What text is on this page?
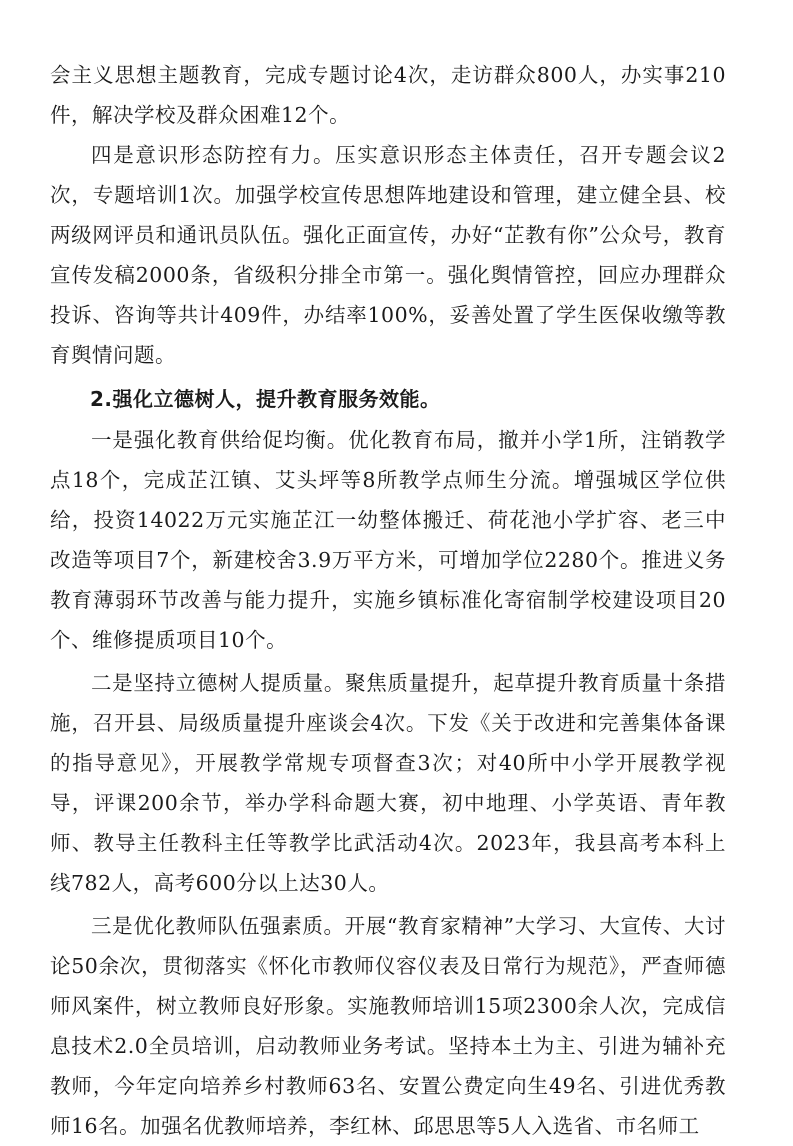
会主义思想主题教育，完成专题讨论4次，走访群众800人，办实事210件，解决学校及群众困难12个。

四是意识形态防控有力。压实意识形态主体责任，召开专题会议2次，专题培训1次。加强学校宣传思想阵地建设和管理，建立健全县、校两级网评员和通讯员队伍。强化正面宣传，办好“芷教有你”公众号，教育宣传发稿2000条，省级积分排全市第一。强化舆情管控，回应办理群众投诉、咨询等共计409件，办结率100%，妥善处置了学生医保收缴等教育舆情问题。

2.强化立德树人，提升教育服务效能。

一是强化教育供给促均衡。优化教育布局，撤并小学1所，注销教学点18个，完成芷江镇、艾头坪等8所教学点师生分流。增强城区学位供给，投资14022万元实施芷江一幼整体搬迁、荷花池小学扩容、老三中改造等项目7个，新建校舍3.9万平方米，可增加学位2280个。推进义务教育薄弱环节改善与能力提升，实施乡镇标准化寄宿制学校建设项目20个、维修提质项目10个。

二是坚持立德树人提质量。聚焦质量提升，起草提升教育质量十条措施，召开县、局级质量提升座谈会4次。下发《关于改进和完善集体备课的指导意见》，开展教学常规专项督查3次；对40所中小学开展教学视导，评课200余节，举办学科命题大赛，初中地理、小学英语、青年教师、教导主任教科主任等教学比武活动4次。2023年，我县高考本科上线782人，高考600分以上达30人。

三是优化教师队伍强素质。开展“教育家精神”大学习、大宣传、大讨论50余次，贯彻落实《怀化市教师仪容仪表及日常行为规范》，严查师德师风案件，树立教师良好形象。实施教师培训15项2300余人次，完成信息技术2.0全员培训，启动教师业务考试。坚持本土为主、引进为辅补充教师，今年定向培养乡村教师63名、安置公费定向生49名、引进优秀教师16名。加强名优教师培养，李红林、邱思思等5人入选省、市名师工
